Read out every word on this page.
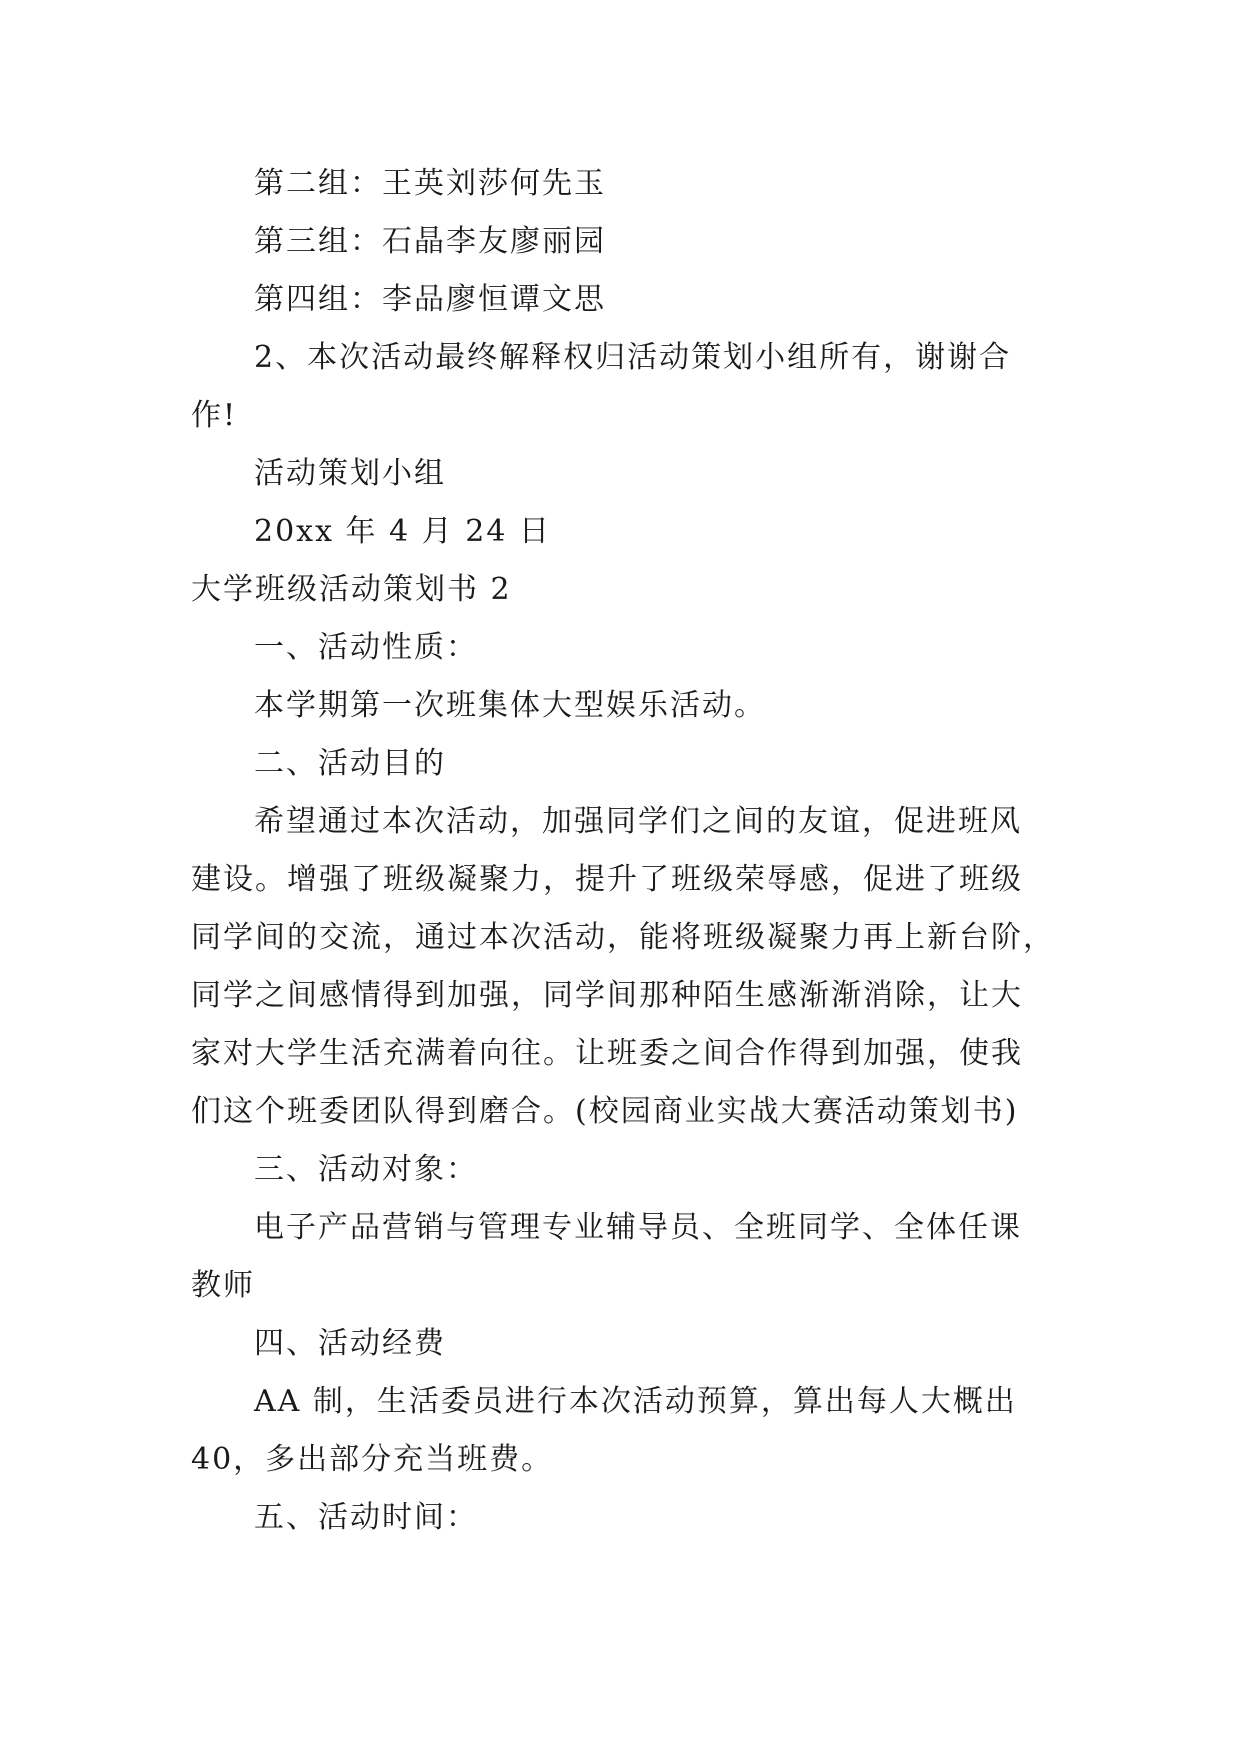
第二组：王英刘莎何先玉
第三组：石晶李友廖丽园
第四组：李品廖恒谭文思
2、本次活动最终解释权归活动策划小组所有，谢谢合
作!
活动策划小组
20xx 年 4 月 24 日
大学班级活动策划书 2
一、活动性质：
本学期第一次班集体大型娱乐活动。
二、活动目的
希望通过本次活动，加强同学们之间的友谊，促进班风
建设。增强了班级凝聚力，提升了班级荣辱感，促进了班级
同学间的交流，通过本次活动，能将班级凝聚力再上新台阶，
同学之间感情得到加强，同学间那种陌生感渐渐消除，让大
家对大学生活充满着向往。让班委之间合作得到加强，使我
们这个班委团队得到磨合。(校园商业实战大赛活动策划书)
三、活动对象：
电子产品营销与管理专业辅导员、全班同学、全体任课
教师
四、活动经费
AA 制，生活委员进行本次活动预算，算出每人大概出
40，多出部分充当班费。
五、活动时间：
